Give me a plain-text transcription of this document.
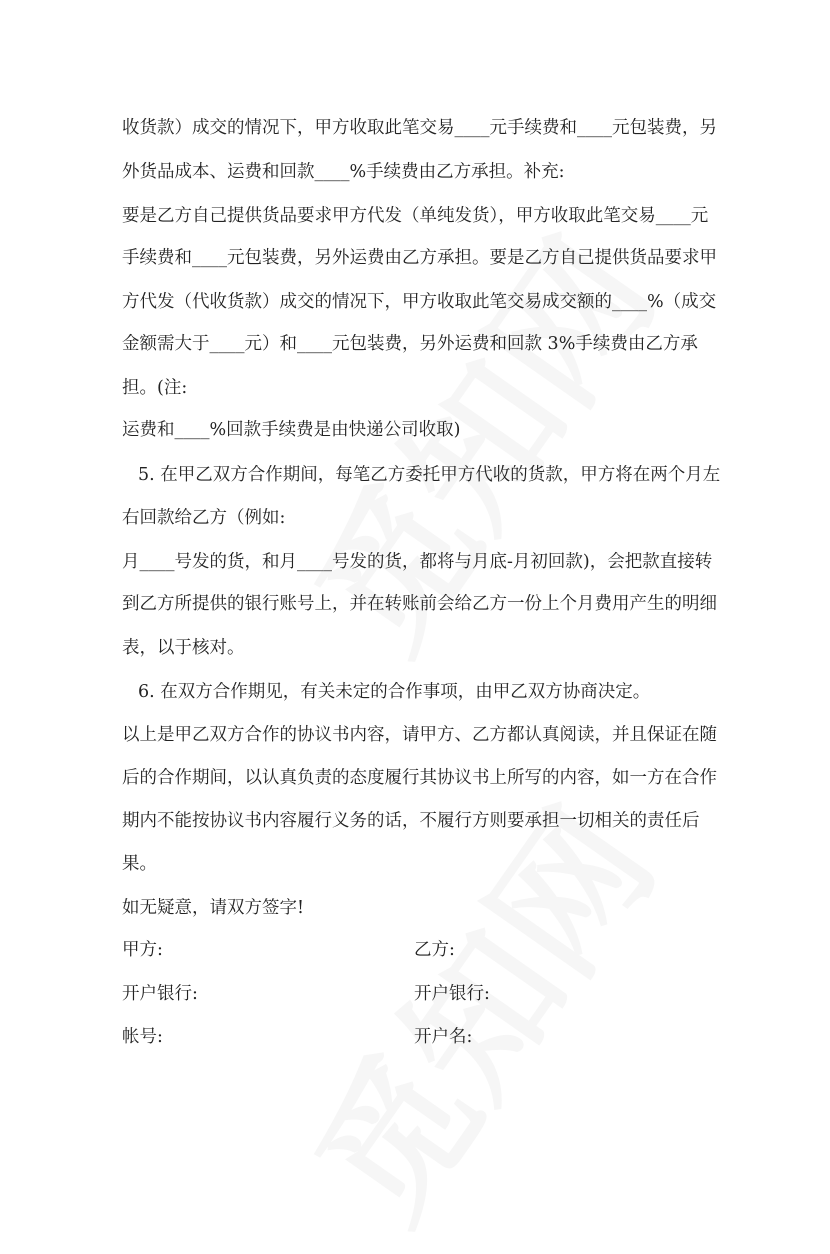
收货款）成交的情况下，甲方收取此笔交易____元手续费和____元包装费，另
外货品成本、运费和回款____%手续费由乙方承担。补充:
要是乙方自己提供货品要求甲方代发（单纯发货），甲方收取此笔交易____元
手续费和____元包装费，另外运费由乙方承担。要是乙方自己提供货品要求甲
方代发（代收货款）成交的情况下，甲方收取此笔交易成交额的____%（成交
金额需大于____元）和____元包装费，另外运费和回款 3%手续费由乙方承
担。(注:
运费和____%回款手续费是由快递公司收取)
5. 在甲乙双方合作期间，每笔乙方委托甲方代收的货款，甲方将在两个月左
右回款给乙方（例如:
月____号发的货，和月____号发的货，都将与月底-月初回款)，会把款直接转
到乙方所提供的银行账号上，并在转账前会给乙方一份上个月费用产生的明细
表，以于核对。
6. 在双方合作期见，有关未定的合作事项，由甲乙双方协商决定。
以上是甲乙双方合作的协议书内容，请甲方、乙方都认真阅读，并且保证在随
后的合作期间，以认真负责的态度履行其协议书上所写的内容，如一方在合作
期内不能按协议书内容履行义务的话，不履行方则要承担一切相关的责任后
果。
如无疑意，请双方签字!
甲方:	乙方:
开户银行:	开户银行:
帐号:	开户名:
